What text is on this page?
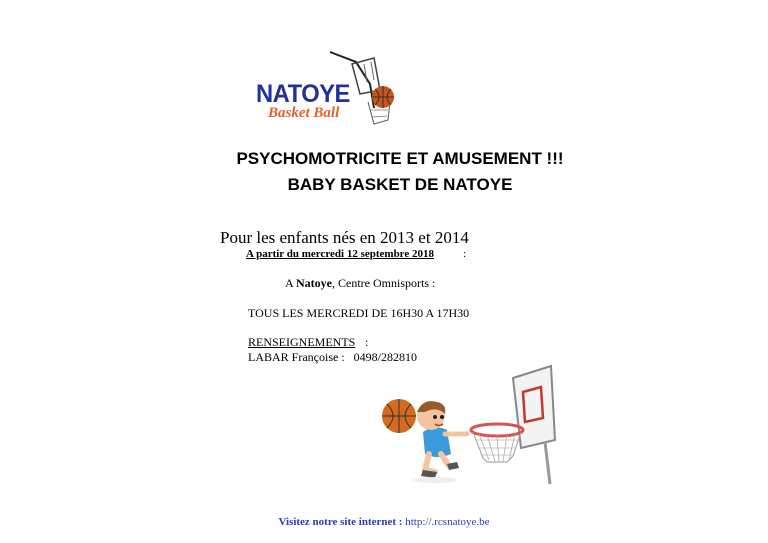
NATOYE
Basket Ball
PSYCHOMOTRICITE ET AMUSEMENT !!!
BABY BASKET DE NATOYE
Pour les enfants nés en 2013 et 2014
A partir du mercredi 12 septembre 2018	:
A Natoye, Centre Omnisports :
TOUS LES MERCREDI DE 16H30 A 17H30
RENSEIGNEMENTS :
LABAR Françoise :   0498/282810
Visitez notre site internet : http://.rcsnatoye.be
